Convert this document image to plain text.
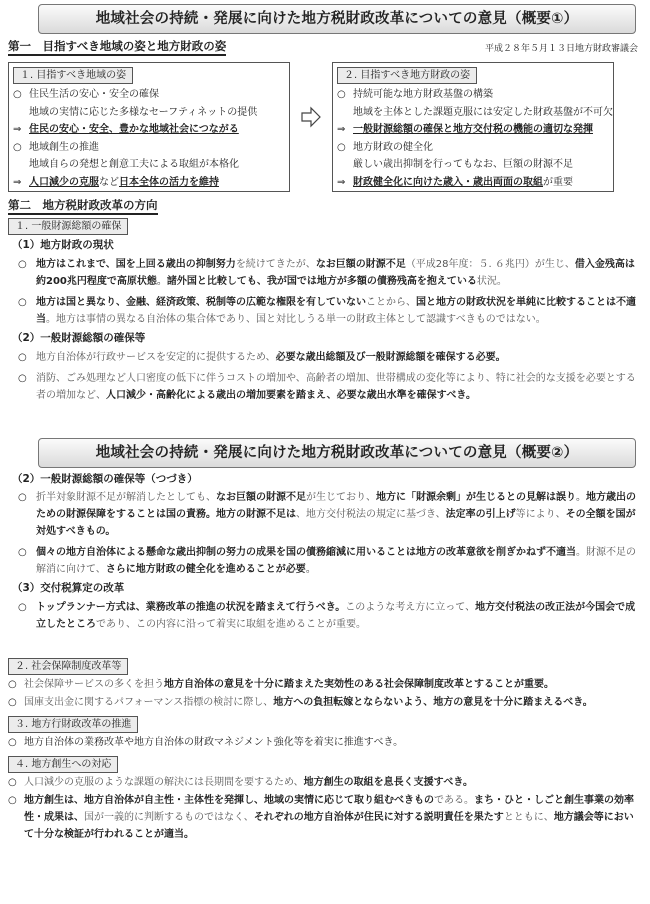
地域社会の持続・発展に向けた地方税財政改革についての意見（概要①）
第一　目指すべき地域の姿と地方財政の姿	平成２８年５月１３日地方財政審議会
１. 目指すべき地域の姿
○ 住民生活の安心・安全の確保
地域の実情に応じた多様なセーフティネットの提供
⇒ 住民の安心・安全、豊かな地域社会につながる
○ 地域創生の推進
地域自らの発想と創意工夫による取組が本格化
⇒ 人口減少の克服など日本全体の活力を維持
２. 目指すべき地方財政の姿
○ 持続可能な地方財政基盤の構築
地域を主体とした課題克服には安定した財政基盤が不可欠
⇒ 一般財源総額の確保と地方交付税の機能の適切な発揮
○ 地方財政の健全化
厳しい歳出抑制を行ってもなお、巨額の財源不足
⇒ 財政健全化に向けた歳入・歳出両面の取組が重要
第二　地方税財政改革の方向
１. 一般財源総額の確保
（1）地方財政の現状
○ 地方はこれまで、国を上回る歳出の抑制努力を続けてきたが、なお巨額の財源不足（平成28年度：５. ６兆円）が生じ、借入金残高は約200兆円程度で高原状態。諸外国と比較しても、我が国では地方が多額の債務残高を抱えている状況。
○ 地方は国と異なり、金融、経済政策、税制等の広範な権限を有していないことから、国と地方の財政状況を単純に比較することは不適当。地方は事情の異なる自治体の集合体であり、国と対比しうる単一の財政主体として認識すべきものではない。
（2）一般財源総額の確保等
○ 地方自治体が行政サービスを安定的に提供するため、必要な歳出総額及び一般財源総額を確保する必要。
○ 消防、ごみ処理など人口密度の低下に伴うコストの増加や、高齢者の増加、世帯構成の変化等により、特に社会的な支援を必要とする者の増加など、人口減少・高齢化による歳出の増加要素を踏まえ、必要な歳出水準を確保すべき。
地域社会の持続・発展に向けた地方税財政改革についての意見（概要②）
（2）一般財源総額の確保等（つづき）
○ 折半対象財源不足が解消したとしても、なお巨額の財源不足が生じており、地方に「財源余剰」が生じるとの見解は誤り。地方歳出のための財源保障をすることは国の責務。地方の財源不足は、地方交付税法の規定に基づき、法定率の引上げ等により、その全額を国が対処すべきもの。
○ 個々の地方自治体による懸命な歳出抑制の努力の成果を国の債務縮減に用いることは地方の改革意欲を削ぎかねず不適当。財源不足の解消に向けて、さらに地方財政の健全化を進めることが必要。
（3）交付税算定の改革
○ トップランナー方式は、業務改革の推進の状況を踏まえて行うべき。このような考え方に立って、地方交付税法の改正法が今国会で成立したところであり、この内容に沿って着実に取組を進めることが重要。
２. 社会保障制度改革等
○ 社会保障サービスの多くを担う地方自治体の意見を十分に踏まえた実効性のある社会保障制度改革とすることが重要。
○ 国庫支出金に関するパフォーマンス指標の検討に際し、地方への負担転嫁とならないよう、地方の意見を十分に踏まえるべき。
３. 地方行財政改革の推進
○ 地方自治体の業務改革や地方自治体の財政マネジメント強化等を着実に推進すべき。
４. 地方創生への対応
○ 人口減少の克服のような課題の解決には長期間を要するため、地方創生の取組を息長く支援すべき。
○ 地方創生は、地方自治体が自主性・主体性を発揮し、地域の実情に応じて取り組むべきものである。まち・ひと・しごと創生事業の効率性・成果は、国が一義的に判断するものではなく、それぞれの地方自治体が住民に対する説明責任を果たすとともに、地方議会等において十分な検証が行われることが適当。
